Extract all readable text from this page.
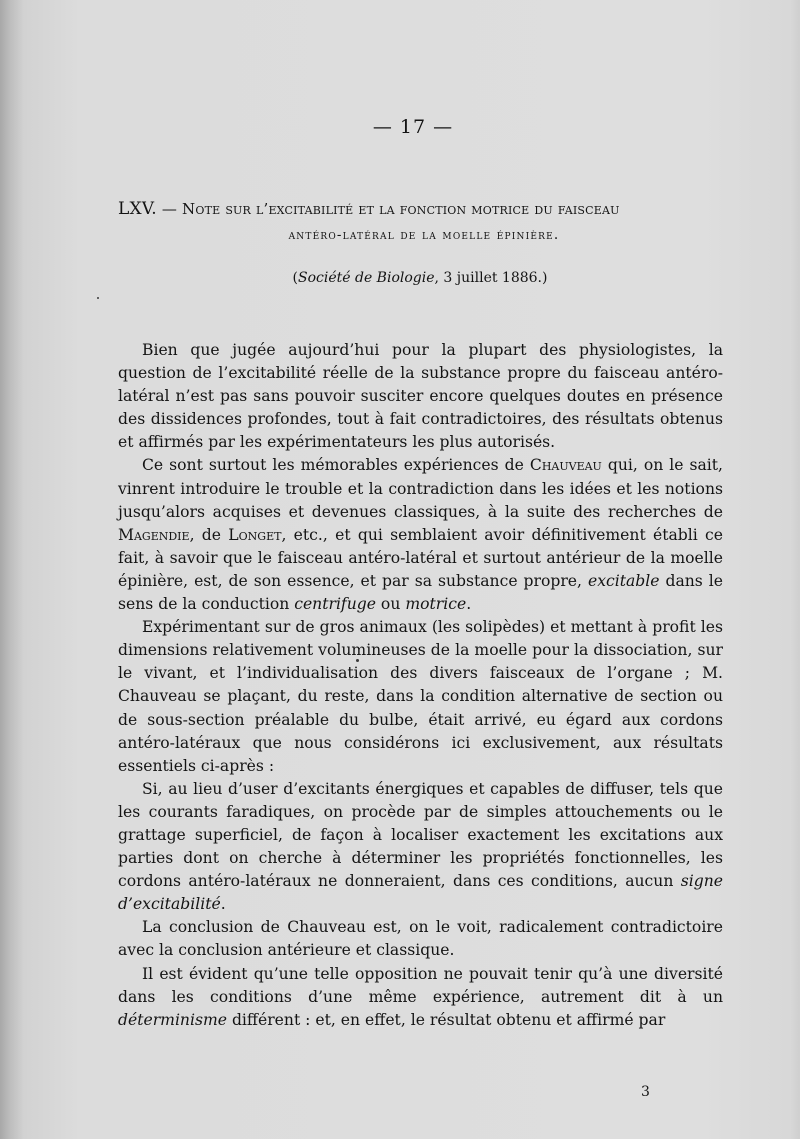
— 17 —
LXV. — Note sur l’excitabilité et la fonction motrice du faisceau
antéro-latéral de la moelle épinière.
(Société de Biologie, 3 juillet 1886.)

Bien que jugée aujourd’hui pour la plupart des physiologistes, la question de l’excitabilité réelle de la substance propre du faisceau antéro-latéral n’est pas sans pouvoir susciter encore quelques doutes en présence des dissidences profondes, tout à fait contradictoires, des résultats obtenus et affirmés par les expérimentateurs les plus autorisés.

Ce sont surtout les mémorables expériences de Chauveau qui, on le sait, vinrent introduire le trouble et la contradiction dans les idées et les notions jusqu’alors acquises et devenues classiques, à la suite des recherches de Magendie, de Longet, etc., et qui semblaient avoir définitivement établi ce fait, à savoir que le faisceau antéro-latéral et surtout antérieur de la moelle épinière, est, de son essence, et par sa substance propre, excitable dans le sens de la conduction centrifuge ou motrice.

Expérimentant sur de gros animaux (les solipèdes) et mettant à profit les dimensions relativement volumineuses de la moelle pour la dissociation, sur le vivant, et l’individualisation des divers faisceaux de l’organe ; M. Chauveau se plaçant, du reste, dans la condition alternative de section ou de sous-section préalable du bulbe, était arrivé, eu égard aux cordons antéro-latéraux que nous considérons ici exclusivement, aux résultats essentiels ci-après :

Si, au lieu d’user d’excitants énergiques et capables de diffuser, tels que les courants faradiques, on procède par de simples attouchements ou le grattage superficiel, de façon à localiser exactement les excitations aux parties dont on cherche à déterminer les propriétés fonctionnelles, les cordons antéro-latéraux ne donneraient, dans ces conditions, aucun signe d’excitabilité.

La conclusion de Chauveau est, on le voit, radicalement contradictoire avec la conclusion antérieure et classique.

Il est évident qu’une telle opposition ne pouvait tenir qu’à une diversité dans les conditions d’une même expérience, autrement dit à un déterminisme différent : et, en effet, le résultat obtenu et affirmé par

3
